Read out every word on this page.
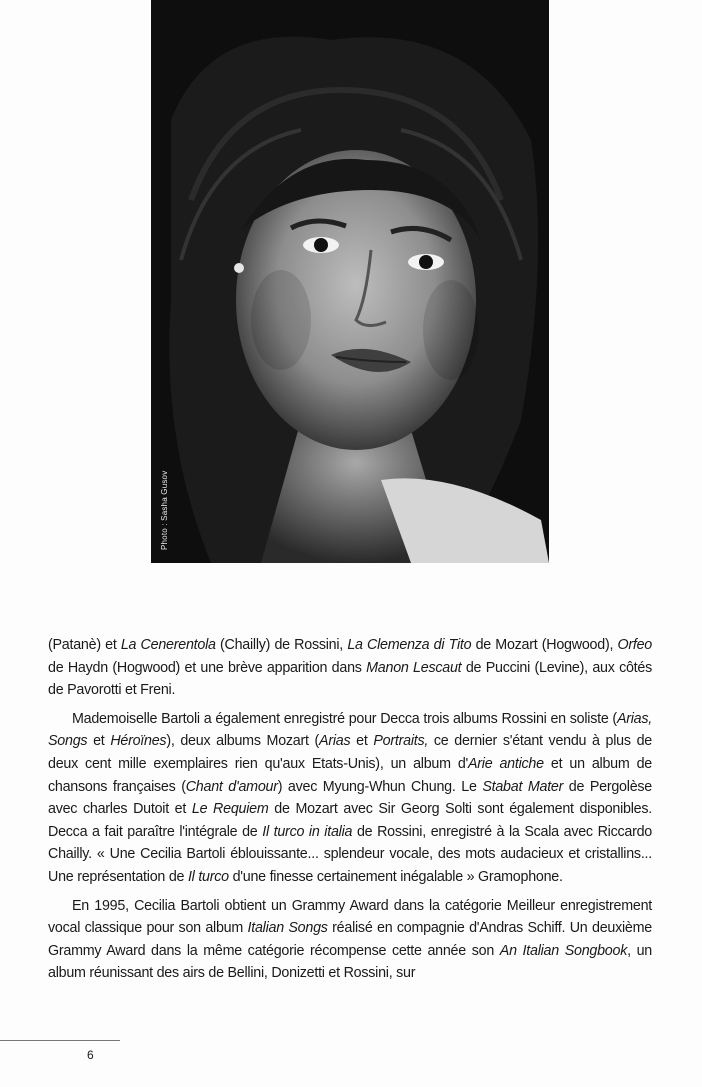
Photo : Sasha Gusov

(Patanè) et La Cenerentola (Chailly) de Rossini, La Clemenza di Tito de Mozart (Hogwood), Orfeo de Haydn (Hogwood) et une brève apparition dans Manon Lescaut de Puccini (Levine), aux côtés de Pavorotti et Freni.

Mademoiselle Bartoli a également enregistré pour Decca trois albums Rossini en soliste (Arias, Songs et Héroïnes), deux albums Mozart (Arias et Portraits, ce dernier s'étant vendu à plus de deux cent mille exemplaires rien qu'aux Etats-Unis), un album d'Arie antiche et un album de chansons françaises (Chant d'amour) avec Myung-Whun Chung. Le Stabat Mater de Pergolèse avec charles Dutoit et Le Requiem de Mozart avec Sir Georg Solti sont également disponibles. Decca a fait paraître l'intégrale de Il turco in italia de Rossini, enregistré à la Scala avec Riccardo Chailly. « Une Cecilia Bartoli éblouissante... splendeur vocale, des mots audacieux et cristallins... Une représentation de Il turco d'une finesse certainement inégalable » Gramophone.

En 1995, Cecilia Bartoli obtient un Grammy Award dans la catégorie Meilleur enregistrement vocal classique pour son album Italian Songs réalisé en compagnie d'Andras Schiff. Un deuxième Grammy Award dans la même catégorie récompense cette année son An Italian Songbook, un album réunissant des airs de Bellini, Donizetti et Rossini, sur

6
